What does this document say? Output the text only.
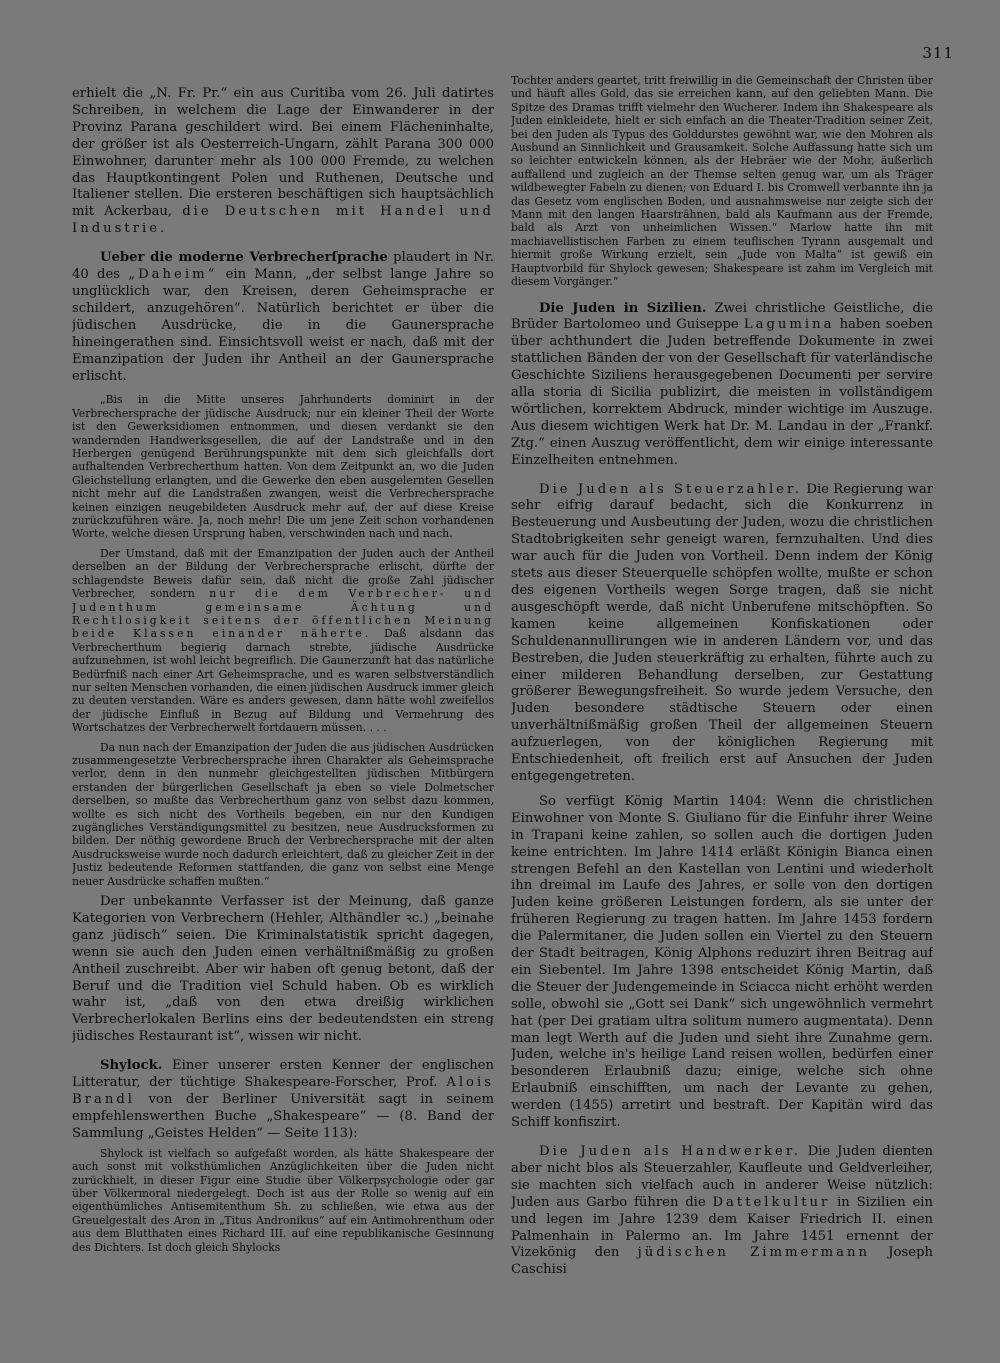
311

erhielt die „N. Fr. Pr.“ ein aus Curitiba vom 26. Juli datirtes Schreiben, in welchem die Lage der Einwanderer in der Provinz Parana geschildert wird. Bei einem Flächeninhalte, der größer ist als Oesterreich-Ungarn, zählt Parana 300 000 Einwohner, darunter mehr als 100 000 Fremde, zu welchen das Hauptkontingent Polen und Ruthenen, Deutsche und Italiener stellen. Die ersteren beschäftigen sich hauptsächlich mit Ackerbau, die Deutschen mit Handel und Industrie.

Ueber die moderne Verbrecherſprache plaudert in Nr. 40 des „Daheim“ ein Mann, „der selbst lange Jahre so unglücklich war, den Kreisen, deren Geheimsprache er schildert, anzugehören“. Natürlich berichtet er über die jüdischen Ausdrücke, die in die Gaunersprache hineingerathen sind. Einsichtsvoll weist er nach, daß mit der Emanzipation der Juden ihr Antheil an der Gaunersprache erlischt.

„Bis in die Mitte unseres Jahrhunderts dominirt in der Verbrechersprache der jüdische Ausdruck; nur ein kleiner Theil der Worte ist den Gewerksidiomen entnommen, und diesen verdankt sie den wandernden Handwerksgesellen, die auf der Landstraße und in den Herbergen genügend Berührungspunkte mit dem sich gleichfalls dort aufhaltenden Verbrecherthum hatten. Von dem Zeitpunkt an, wo die Juden Gleichstellung erlangten, und die Gewerke den eben ausgelernten Gesellen nicht mehr auf die Landstraßen zwangen, weist die Verbrechersprache keinen einzigen neugebildeten Ausdruck mehr auf, der auf diese Kreise zurückzuführen wäre. Ja, noch mehr! Die um jene Zeit schon vorhandenen Worte, welche diesen Ursprung haben, verschwinden nach und nach.

Der Umstand, daß mit der Emanzipation der Juden auch der Antheil derselben an der Bildung der Verbrechersprache erlischt, dürfte der schlagendste Beweis dafür sein, daß nicht die große Zahl jüdischer Verbrecher, sondern nur die dem Verbrecher- und Judenthum gemeinsame Ächtung und Rechtlosigkeit seitens der öffentlichen Meinung beide Klassen einander näherte. Daß alsdann das Verbrecherthum begierig darnach strebte, jüdische Ausdrücke aufzunehmen, ist wohl leicht begreiflich. Die Gaunerzunft hat das natürliche Bedürfniß nach einer Art Geheimsprache, und es waren selbstverständlich nur selten Menschen vorhanden, die einen jüdischen Ausdruck immer gleich zu deuten verstanden. Wäre es anders gewesen, dann hätte wohl zweifellos der jüdische Einfluß in Bezug auf Bildung und Vermehrung des Wortschatzes der Verbrecherwelt fortdauern müssen. . . .

Da nun nach der Emanzipation der Juden die aus jüdischen Ausdrücken zusammengesetzte Verbrechersprache ihren Charakter als Geheimsprache verlor, denn in den nunmehr gleichgestellten jüdischen Mitbürgern erstanden der bürgerlichen Gesellschaft ja eben so viele Dolmetscher derselben, so mußte das Verbrecherthum ganz von selbst dazu kommen, wollte es sich nicht des Vortheils begeben, ein nur den Kundigen zugängliches Verständigungsmittel zu besitzen, neue Ausdrucksformen zu bilden. Der nöthig gewordene Bruch der Verbrechersprache mit der alten Ausdrucksweise wurde noch dadurch erleichtert, daß zu gleicher Zeit in der Justiz bedeutende Reformen stattfanden, die ganz von selbst eine Menge neuer Ausdrücke schaffen mußten.“

Der unbekannte Verfasser ist der Meinung, daß ganze Kategorien von Verbrechern (Hehler, Althändler ꝛc.) „beinahe ganz jüdisch“ seien. Die Kriminalstatistik spricht dagegen, wenn sie auch den Juden einen verhältnißmäßig zu großen Antheil zuschreibt. Aber wir haben oft genug betont, daß der Beruf und die Tradition viel Schuld haben. Ob es wirklich wahr ist, „daß von den etwa dreißig wirklichen Verbrecherlokalen Berlins eins der bedeutendsten ein streng jüdisches Restaurant ist“, wissen wir nicht.

Shylock. Einer unserer ersten Kenner der englischen Litteratur, der tüchtige Shakespeare-Forscher, Prof. Alois Brandl von der Berliner Universität sagt in seinem empfehlenswerthen Buche „Shakespeare“ — (8. Band der Sammlung „Geistes Helden“ — Seite 113):

Shylock ist vielfach so aufgefaßt worden, als hätte Shakespeare der auch sonst mit volksthümlichen Anzüglichkeiten über die Juden nicht zurückhielt, in dieser Figur eine Studie über Völkerpsychologie oder gar über Völkermoral niedergelegt. Doch ist aus der Rolle so wenig auf ein eigenthümliches Antisemitenthum Sh. zu schließen, wie etwa aus der Greuelgestalt des Aron in „Titus Andronikus“ auf ein Antimohrenthum oder aus dem Blutthaten eines Richard III. auf eine republikanische Gesinnung des Dichters. Ist doch gleich Shylocks

Tochter anders geartet, tritt freiwillig in die Gemeinschaft der Christen über und häuft alles Gold, das sie erreichen kann, auf den geliebten Mann. Die Spitze des Dramas trifft vielmehr den Wucherer. Indem ihn Shakespeare als Juden einkleidete, hielt er sich einfach an die Theater-Tradition seiner Zeit, bei den Juden als Typus des Golddurstes gewöhnt war, wie den Mohren als Ausbund an Sinnlichkeit und Grausamkeit. Solche Auffassung hatte sich um so leichter entwickeln können, als der Hebräer wie der Mohr, äußerlich auffallend und zugleich an der Themse selten genug war, um als Träger wildbewegter Fabeln zu dienen; von Eduard I. bis Cromwell verbannte ihn ja das Gesetz vom englischen Boden, und ausnahmsweise nur zeigte sich der Mann mit den langen Haarsträhnen, bald als Kaufmann aus der Fremde, bald als Arzt von unheimlichen Wissen.“ Marlow hatte ihn mit machiavellistischen Farben zu einem teuflischen Tyrann ausgemalt und hiermit große Wirkung erzielt, sein „Jude von Malta“ ist gewiß ein Hauptvorbild für Shylock gewesen; Shakespeare ist zahm im Vergleich mit diesem Vorgänger.“

Die Juden in Sizilien. Zwei christliche Geistliche, die Brüder Bartolomeo und Guiseppe Lagumina haben soeben über achthundert die Juden betreffende Dokumente in zwei stattlichen Bänden der von der Gesellschaft für vaterländische Geschichte Siziliens herausgegebenen Documenti per servire alla storia di Sicilia publizirt, die meisten in vollständigem wörtlichen, korrektem Abdruck, minder wichtige im Auszuge. Aus diesem wichtigen Werk hat Dr. M. Landau in der „Frankf. Ztg.“ einen Auszug veröffentlicht, dem wir einige interessante Einzelheiten entnehmen.

Die Juden als Steuerzahler. Die Regierung war sehr eifrig darauf bedacht, sich die Konkurrenz in Besteuerung und Ausbeutung der Juden, wozu die christlichen Stadtobrigkeiten sehr geneigt waren, fernzuhalten. Und dies war auch für die Juden von Vortheil. Denn indem der König stets aus dieser Steuerquelle schöpfen wollte, mußte er schon des eigenen Vortheils wegen Sorge tragen, daß sie nicht ausgeschöpft werde, daß nicht Unberufene mitschöpften. So kamen keine allgemeinen Konfiskationen oder Schuldenannullirungen wie in anderen Ländern vor, und das Bestreben, die Juden steuerkräftig zu erhalten, führte auch zu einer milderen Behandlung derselben, zur Gestattung größerer Bewegungsfreiheit. So wurde jedem Versuche, den Juden besondere städtische Steuern oder einen unverhältnißmäßig großen Theil der allgemeinen Steuern aufzuerlegen, von der königlichen Regierung mit Entschiedenheit, oft freilich erst auf Ansuchen der Juden entgegengetreten.

So verfügt König Martin 1404: Wenn die christlichen Einwohner von Monte S. Giuliano für die Einfuhr ihrer Weine in Trapani keine zahlen, so sollen auch die dortigen Juden keine entrichten. Im Jahre 1414 erläßt Königin Bianca einen strengen Befehl an den Kastellan von Lentini und wiederholt ihn dreimal im Laufe des Jahres, er solle von den dortigen Juden keine größeren Leistungen fordern, als sie unter der früheren Regierung zu tragen hatten. Im Jahre 1453 fordern die Palermitaner, die Juden sollen ein Viertel zu den Steuern der Stadt beitragen, König Alphons reduzirt ihren Beitrag auf ein Siebentel. Im Jahre 1398 entscheidet König Martin, daß die Steuer der Judengemeinde in Sciacca nicht erhöht werden solle, obwohl sie „Gott sei Dank“ sich ungewöhnlich vermehrt hat (per Dei gratiam ultra solitum numero augmentata). Denn man legt Werth auf die Juden und sieht ihre Zunahme gern. Juden, welche in's heilige Land reisen wollen, bedürfen einer besonderen Erlaubniß dazu; einige, welche sich ohne Erlaubniß einschifften, um nach der Levante zu gehen, werden (1455) arretirt und bestraft. Der Kapitän wird das Schiff konfiszirt.

Die Juden als Handwerker. Die Juden dienten aber nicht blos als Steuerzahler, Kaufleute und Geldverleiher, sie machten sich vielfach auch in anderer Weise nützlich: Juden aus Garbo führen die Dattelkultur in Sizilien ein und legen im Jahre 1239 dem Kaiser Friedrich II. einen Palmenhain in Palermo an. Im Jahre 1451 ernennt der Vizekönig den jüdischen Zimmermann Joseph Caschisi
